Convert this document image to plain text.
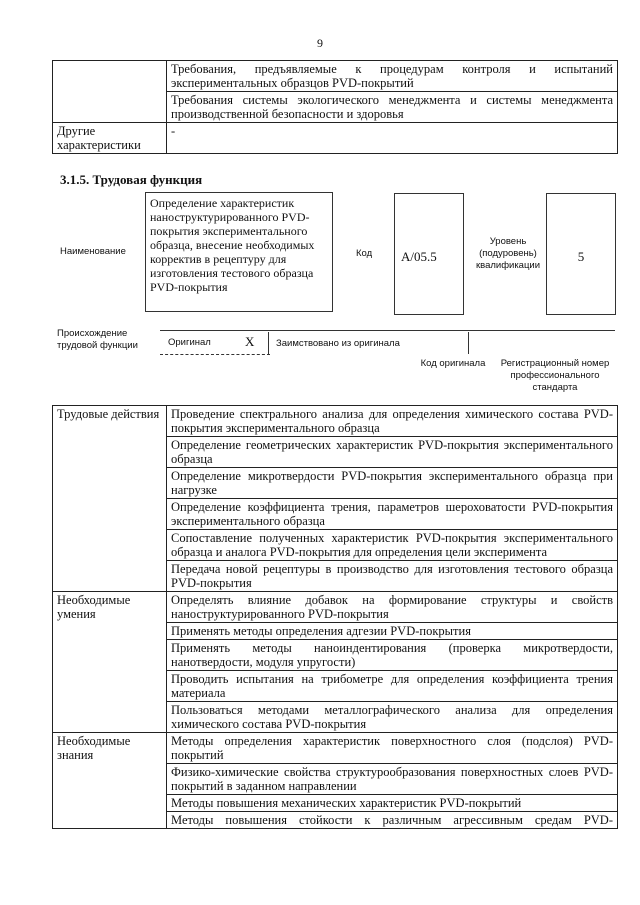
9
	Требования, предъявляемые к процедурам контроля и испытаний экспериментальных образцов PVD-покрытий
	Требования системы экологического менеджмента и системы менеджмента производственной безопасности и здоровья
Другие характеристики	-
3.1.5. Трудовая функция
Наименование
Определение характеристик наноструктурированного PVD-покрытия экспериментального образца, внесение необходимых корректив в рецептуру для изготовления тестового образца PVD-покрытия
Код А/05.5
Уровень (подуровень) квалификации
5
Происхождение трудовой функции	Оригинал	X Заимствовано из оригинала
Код оригинала	Регистрационный номер профессионального стандарта
Трудовые действия	Проведение спектрального анализа для определения химического состава PVD-покрытия экспериментального образца
	Определение геометрических характеристик PVD-покрытия экспериментального образца
	Определение микротвердости PVD-покрытия экспериментального образца при нагрузке
	Определение коэффициента трения, параметров шероховатости PVD-покрытия экспериментального образца
	Сопоставление полученных характеристик PVD-покрытия экспериментального образца и аналога PVD-покрытия для определения цели эксперимента
	Передача новой рецептуры в производство для изготовления тестового образца PVD-покрытия
Необходимые умения	Определять влияние добавок на формирование структуры и свойств наноструктурированного PVD-покрытия
	Применять методы определения адгезии PVD-покрытия
	Применять методы наноиндентирования (проверка микротвердости, нанотвердости, модуля упругости)
	Проводить испытания на трибометре для определения коэффициента трения материала
	Пользоваться методами металлографического анализа для определения химического состава PVD-покрытия
Необходимые знания	Методы определения характеристик поверхностного слоя (подслоя) PVD-покрытий
	Физико-химические свойства структурообразования поверхностных слоев PVD-покрытий в заданном направлении
	Методы повышения механических характеристик PVD-покрытий
	Методы повышения стойкости к различным агрессивным средам PVD-
